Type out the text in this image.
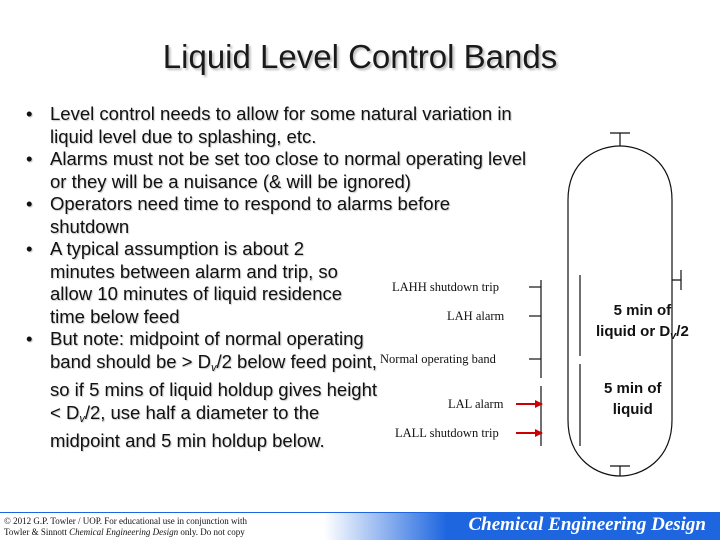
Liquid Level Control Bands
• Level control needs to allow for some natural variation in liquid level due to splashing, etc.
• Alarms must not be set too close to normal operating level or they will be a nuisance (& will be ignored)
• Operators need time to respond to alarms before shutdown
• A typical assumption is about 2 minutes between alarm and trip, so allow 10 minutes of liquid residence time below feed
• But note: midpoint of normal operating band should be > $D_v/2$ below feed point, so if 5 mins of liquid holdup gives height < $D_v/2$, use half a diameter to the midpoint and 5 min holdup below.
LAHH shutdown trip
LAH alarm
Normal operating band
LAL alarm
LALL shutdown trip
5 min of
liquid or $D_v/2$
5 min of
liquid
© 2012 G.P. Towler / UOP. For educational use in conjunction with
Towler & Sinnott Chemical Engineering Design only. Do not copy	Chemical Engineering Design
